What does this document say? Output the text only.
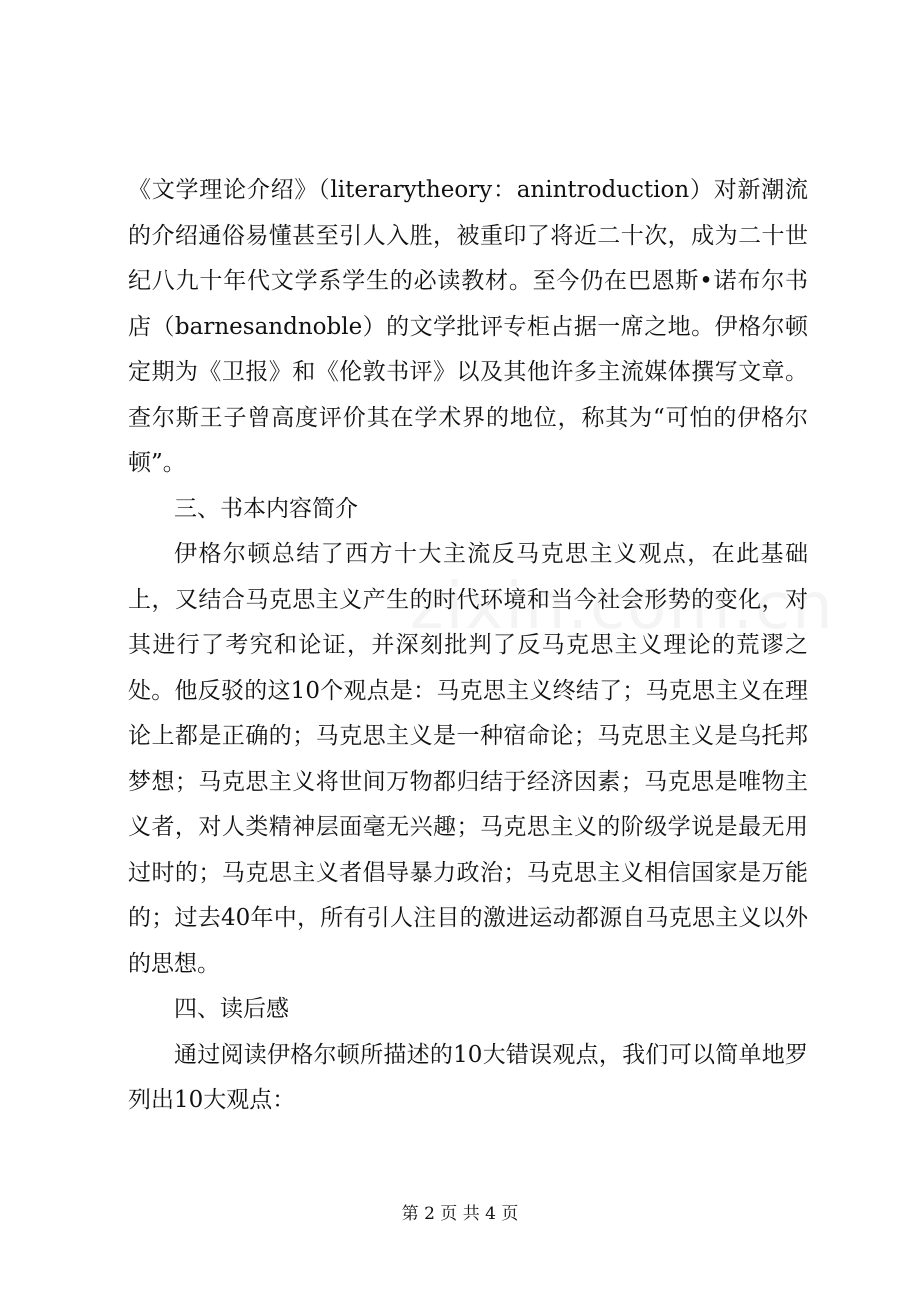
《文学理论介绍》（literarytheory：anintroduction）对新潮流的介绍通俗易懂甚至引人入胜，被重印了将近二十次，成为二十世纪八九十年代文学系学生的必读教材。至今仍在巴恩斯•诺布尔书店（barnesandnoble）的文学批评专柜占据一席之地。伊格尔顿定期为《卫报》和《伦敦书评》以及其他许多主流媒体撰写文章。查尔斯王子曾高度评价其在学术界的地位，称其为“可怕的伊格尔顿”。

三、书本内容简介

伊格尔顿总结了西方十大主流反马克思主义观点，在此基础上，又结合马克思主义产生的时代环境和当今社会形势的变化，对其进行了考究和论证，并深刻批判了反马克思主义理论的荒谬之处。他反驳的这10个观点是：马克思主义终结了；马克思主义在理论上都是正确的；马克思主义是一种宿命论；马克思主义是乌托邦梦想；马克思主义将世间万物都归结于经济因素；马克思是唯物主义者，对人类精神层面毫无兴趣；马克思主义的阶级学说是最无用过时的；马克思主义者倡导暴力政治；马克思主义相信国家是万能的；过去40年中，所有引人注目的激进运动都源自马克思主义以外的思想。

四、读后感

通过阅读伊格尔顿所描述的10大错误观点，我们可以简单地罗列出10大观点：

第 2 页 共 4 页
